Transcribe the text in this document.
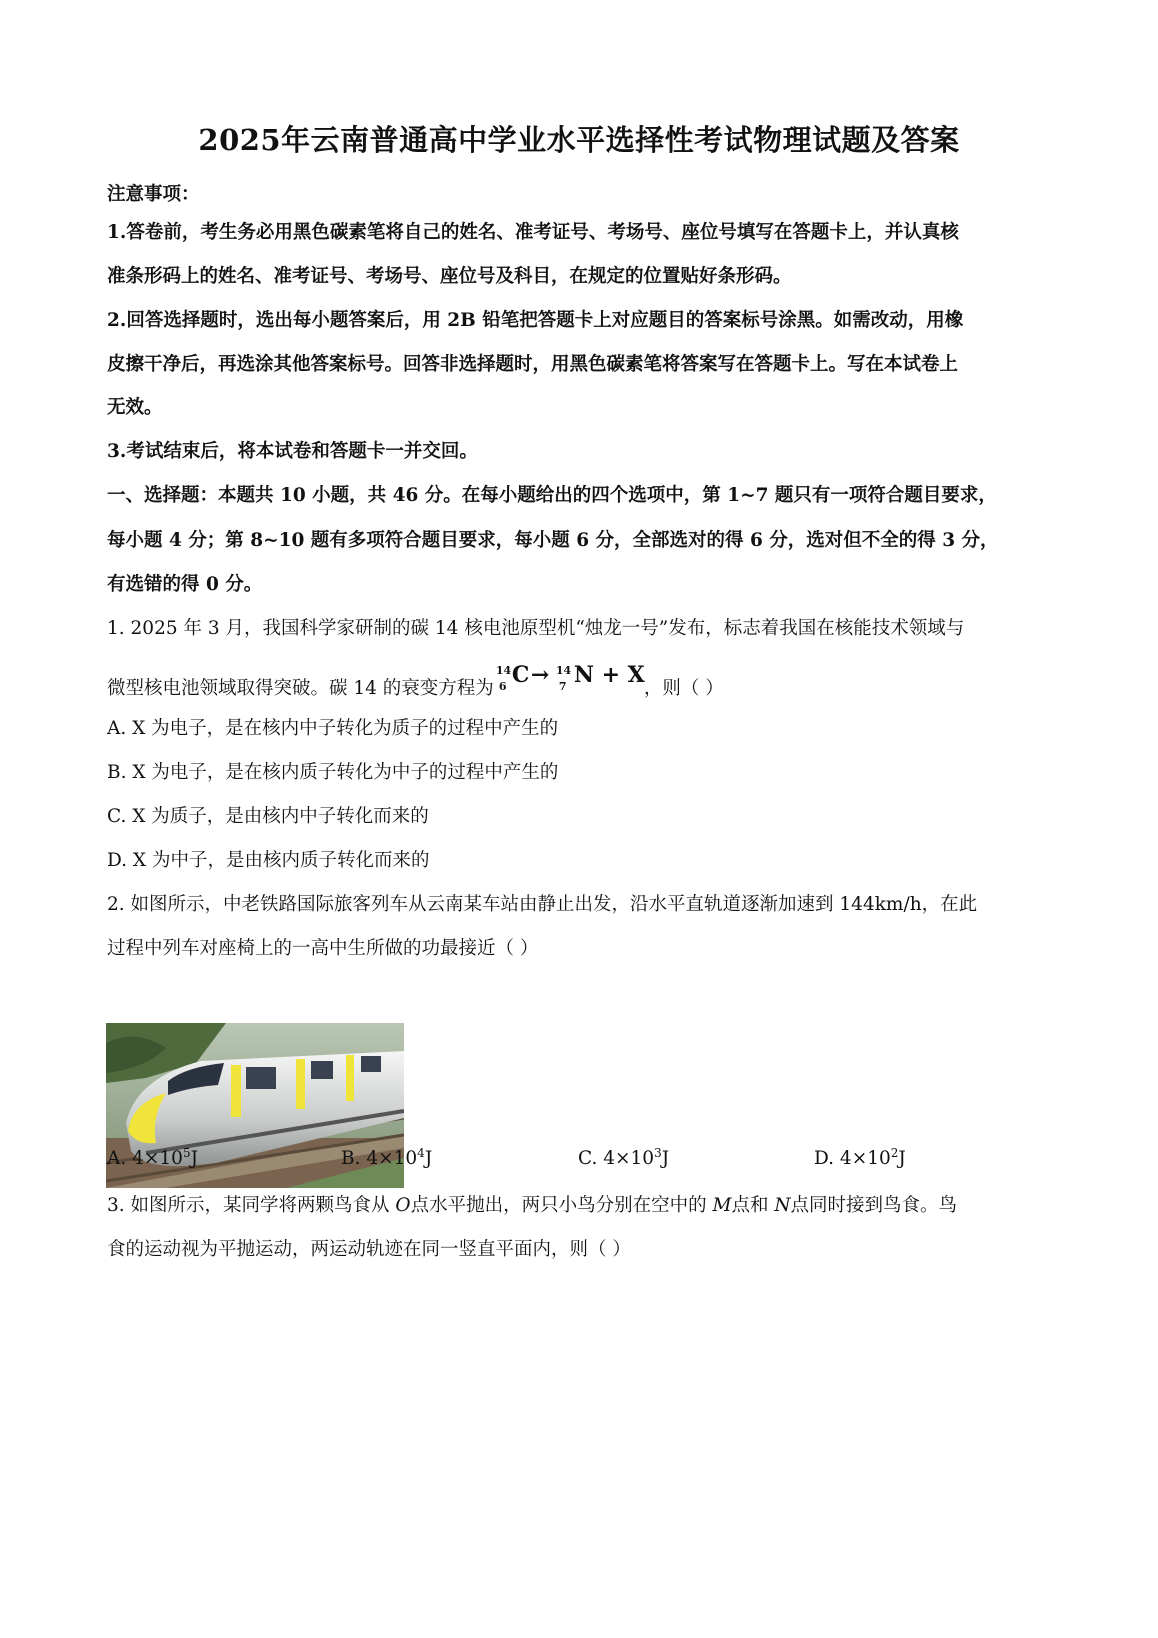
2025年云南普通高中学业水平选择性考试物理试题及答案
注意事项：
1.答卷前，考生务必用黑色碳素笔将自己的姓名、准考证号、考场号、座位号填写在答题卡上，并认真核
准条形码上的姓名、准考证号、考场号、座位号及科目，在规定的位置贴好条形码。
2.回答选择题时，选出每小题答案后，用 2B 铅笔把答题卡上对应题目的答案标号涂黑。如需改动，用橡
皮擦干净后，再选涂其他答案标号。回答非选择题时，用黑色碳素笔将答案写在答题卡上。写在本试卷上
无效。
3.考试结束后，将本试卷和答题卡一并交回。
一、选择题：本题共 10 小题，共 46 分。在每小题给出的四个选项中，第 1~7 题只有一项符合题目要求，
每小题 4 分；第 8~10 题有多项符合题目要求，每小题 6 分，全部选对的得 6 分，选对但不全的得 3 分，
有选错的得 0 分。
1. 2025 年 3 月，我国科学家研制的碳 14 核电池原型机“烛龙一号”发布，标志着我国在核能技术领域与
微型核电池领域取得突破。碳 14 的衰变方程为
14
6 C → 14
7 N + X
，则（ ）
A. X 为电子，是在核内中子转化为质子的过程中产生的
B. X 为电子，是在核内质子转化为中子的过程中产生的
C. X 为质子，是由核内中子转化而来的
D. X 为中子，是由核内质子转化而来的
2. 如图所示，中老铁路国际旅客列车从云南某车站由静止出发，沿水平直轨道逐渐加速到 144km/h，在此
过程中列车对座椅上的一高中生所做的功最接近（ ）
A. $4\times 10^5J$	B. $4\times 10^4J$	C. $4\times 10^3J$	D. $4\times 10^2J$
3. 如图所示，某同学将两颗鸟食从 O点水平抛出，两只小鸟分别在空中的 M点和 N点同时接到鸟食。鸟
食的运动视为平抛运动，两运动轨迹在同一竖直平面内，则（ ）
